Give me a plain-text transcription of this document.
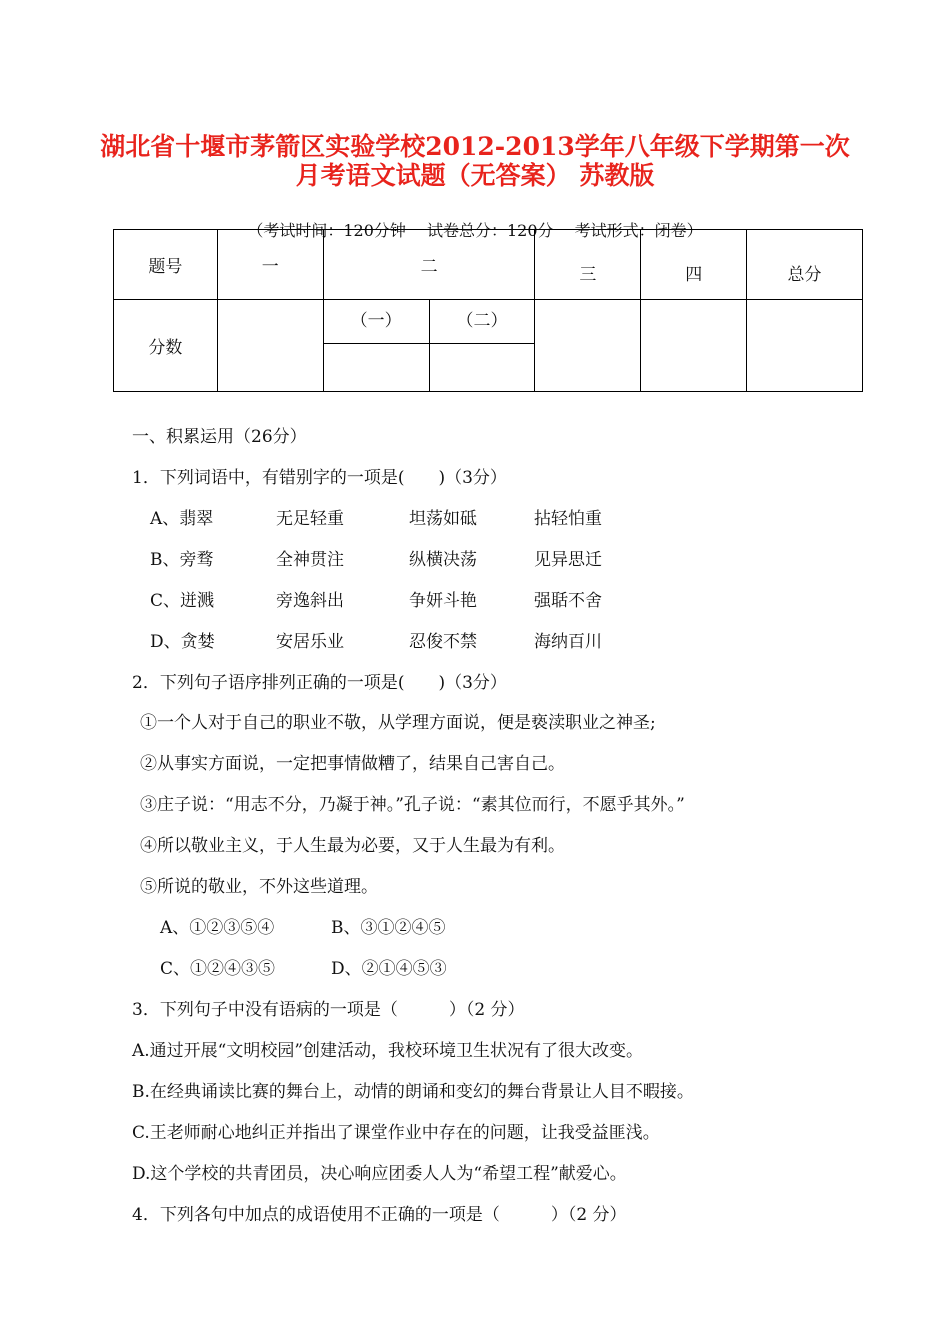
湖北省十堰市茅箭区实验学校2012-2013学年八年级下学期第一次
月考语文试题（无答案） 苏教版
（考试时间：120分钟 试卷总分：120分 考试形式：闭卷）
题号	一	二		三	四	总分
分数		（一）	（二）			

一、积累运用（26分）
1．下列词语中，有错别字的一项是(　　)（3分）
A、翡翠	无足轻重	坦荡如砥	拈轻怕重
B、旁骛	全神贯注	纵横决荡	见异思迁
C、迸溅	旁逸斜出	争妍斗艳	强聒不舍
D、贪婪	安居乐业	忍俊不禁	海纳百川
2．下列句子语序排列正确的一项是(　　)（3分）
①一个人对于自己的职业不敬，从学理方面说，便是亵渎职业之神圣;
②从事实方面说，一定把事情做糟了，结果自己害自己。
③庄子说：“用志不分，乃凝于神。”孔子说：“素其位而行，不愿乎其外。”
④所以敬业主义，于人生最为必要，又于人生最为有利。
⑤所说的敬业，不外这些道理。
A、①②③⑤④	B、③①②④⑤
C、①②④③⑤	D、②①④⑤③
3．下列句子中没有语病的一项是（　　　）（2 分）
A.通过开展“文明校园”创建活动，我校环境卫生状况有了很大改变。
B.在经典诵读比赛的舞台上，动情的朗诵和变幻的舞台背景让人目不暇接。
C.王老师耐心地纠正并指出了课堂作业中存在的问题，让我受益匪浅。
D.这个学校的共青团员，决心响应团委人人为“希望工程”献爱心。
4．下列各句中加点的成语使用不正确的一项是（　　　）（2 分）
